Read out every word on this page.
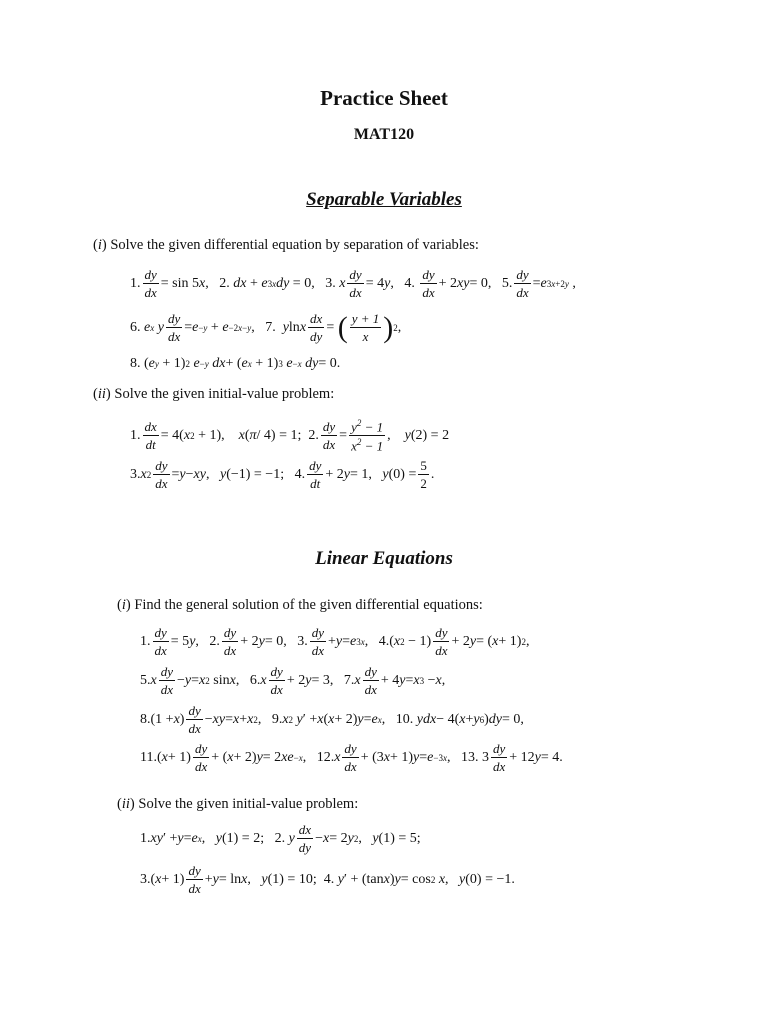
Practice Sheet
MAT120
Separable Variables
(i) Solve the given differential equation by separation of variables:
1.
dy
dx
= sin 5 x ,   2. dx + e 3x dy = 0,   3. x
dy
dx
= 4 y ,   4.
dy
dx
+ 2 xy = 0,   5.
dy
dx
= e 3x+2y ,
6. e x
y
dy
dx
= e −y + e −2x−y ,   7. y ln x
dx
dy
= ( y + 1
x ) 2 ,
8. ( e y + 1) 2
e −y
dx + ( e x + 1) 3
e −x
dy = 0.
(ii) Solve the given initial-value problem:
1.
dx
dt
= 4( x 2 + 1), x ( π / 4) = 1;  2.
dy
dx
=
$y^2 - 1$
$x^2 - 1$
, y (2) = 2
3. x 2
dy
dx
= y − xy , y (−1) = −1;   4.
dy
dt
+ 2 y = 1, y (0) =
5
2
.
Linear Equations
(i) Find the general solution of the given differential equations:
1.
dy
dx
= 5 y ,   2.
dy
dx
+ 2 y = 0,   3.
dy
dx
+ y = e 3x ,   4.( x 2 − 1)
dy
dx
+ 2 y = ( x + 1) 2 ,
5. x
dy
dx
− y = x 2 sin x ,   6. x
dy
dx
+ 2 y = 3,   7. x
dy
dx
+ 4 y = x 3 − x ,
8.(1 + x )
dy
dx
− xy = x + x 2 ,   9. x 2
y ′ + x ( x + 2) y = e x ,   10. ydx − 4( x + y 6 ) dy = 0,
11.( x + 1)
dy
dx
+ ( x + 2) y = 2 xe −x ,   12. x
dy
dx
+ (3 x + 1) y = e −3x ,   13. 3
dy
dx
+ 12 y = 4.
(ii) Solve the given initial-value problem:
1. xy ′ + y = e x , y (1) = 2;   2. y
dx
dy
− x = 2 y 2 , y (1) = 5;
3.( x + 1)
dy
dx
+ y = ln x , y (1) = 10;  4. y ′ + (tan x ) y = cos 2
x , y (0) = −1.
